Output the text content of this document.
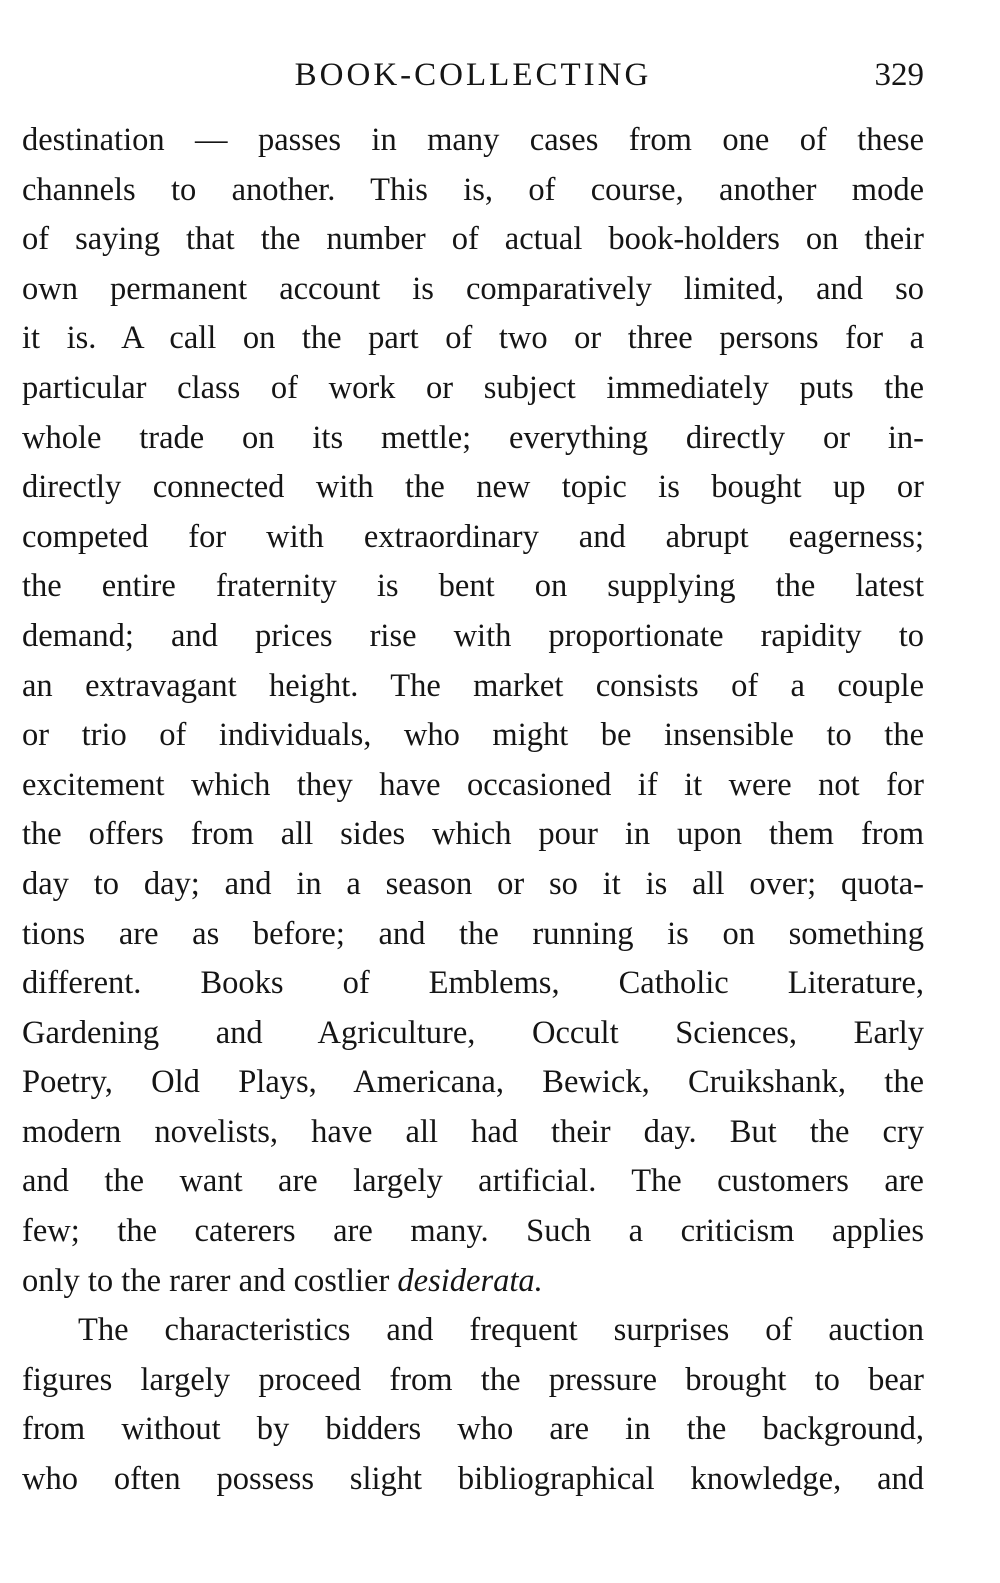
BOOK-COLLECTING	329
destination — passes in many cases from one of these
channels to another. This is, of course, another mode
of saying that the number of actual book-holders on their
own permanent account is comparatively limited, and so
it is. A call on the part of two or three persons for a
particular class of work or subject immediately puts the
whole trade on its mettle; everything directly or in-
directly connected with the new topic is bought up or
competed for with extraordinary and abrupt eagerness;
the entire fraternity is bent on supplying the latest
demand; and prices rise with proportionate rapidity to
an extravagant height. The market consists of a couple
or trio of individuals, who might be insensible to the
excitement which they have occasioned if it were not for
the offers from all sides which pour in upon them from
day to day; and in a season or so it is all over; quota-
tions are as before; and the running is on something
different. Books of Emblems, Catholic Literature,
Gardening and Agriculture, Occult Sciences, Early
Poetry, Old Plays, Americana, Bewick, Cruikshank, the
modern novelists, have all had their day. But the cry
and the want are largely artificial. The customers are
few; the caterers are many. Such a criticism applies
only to the rarer and costlier desiderata.
The characteristics and frequent surprises of auction
figures largely proceed from the pressure brought to bear
from without by bidders who are in the background,
who often possess slight bibliographical knowledge, and
